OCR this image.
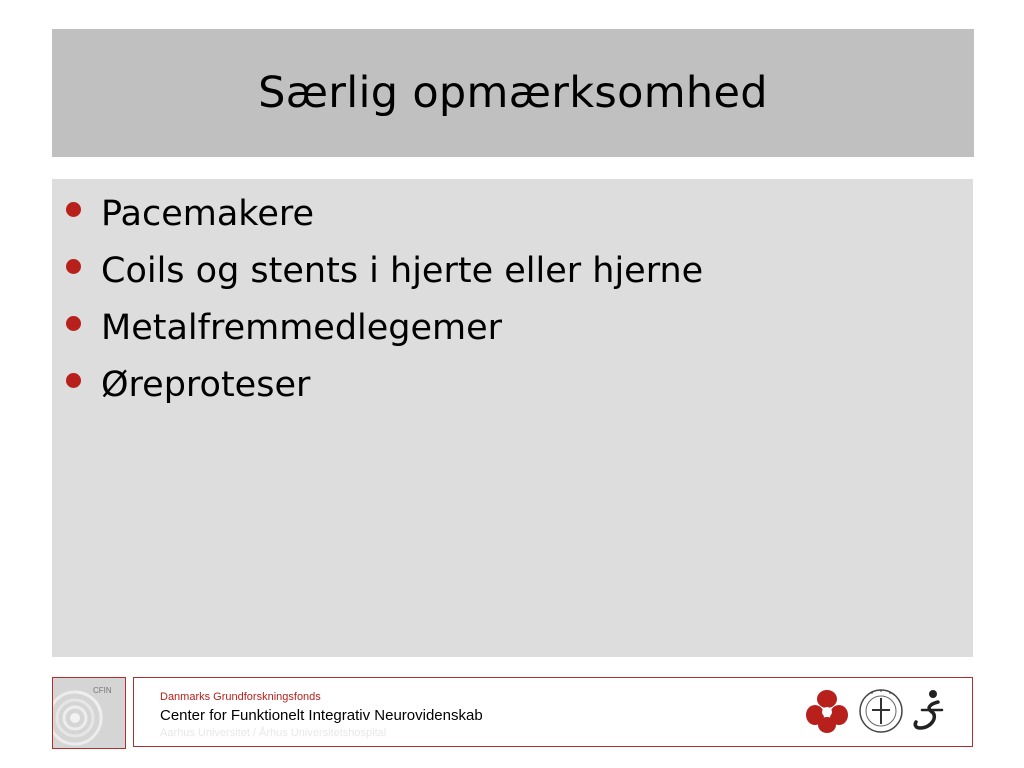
Særlig opmærksomhed
Pacemakere
Coils og stents i hjerte eller hjerne
Metalfremmedlegemer
Øreproteser
CFIN
Danmarks Grundforskningsfonds
Center for Funktionelt Integrativ Neurovidenskab
Aarhus Universitet / Århus Universitetshospital
